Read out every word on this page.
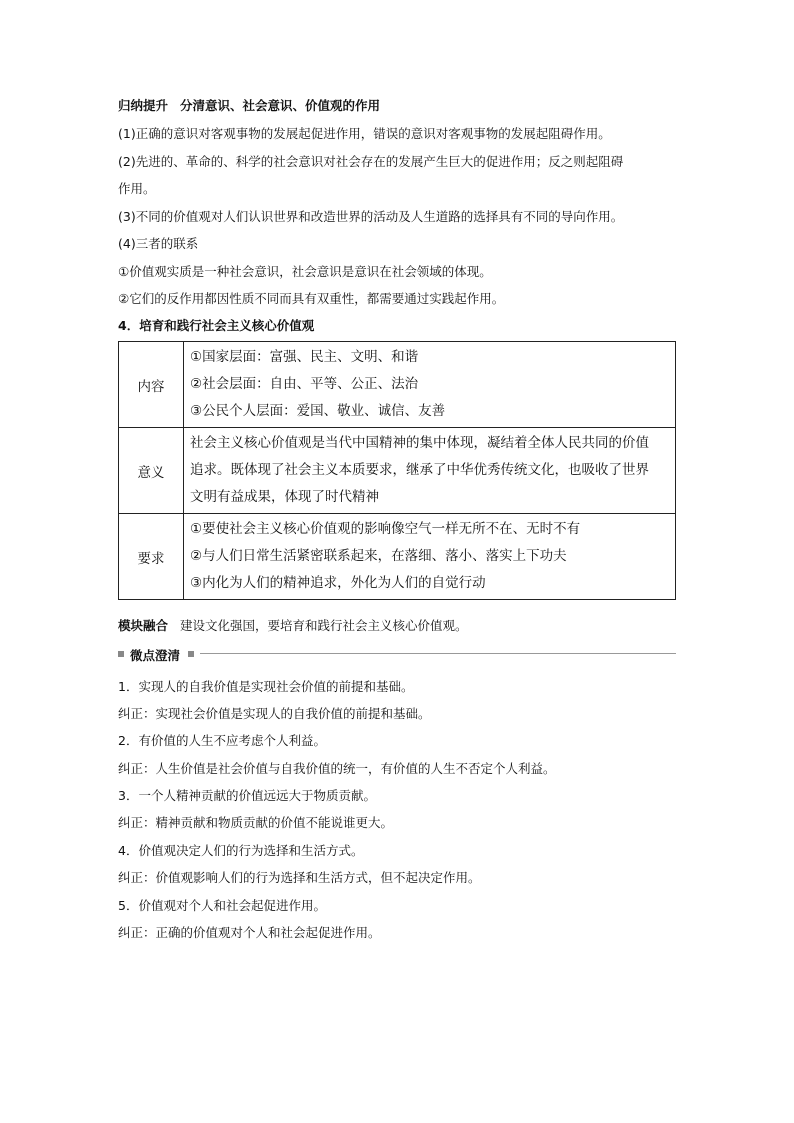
归纳提升 分清意识、社会意识、价值观的作用
(1)正确的意识对客观事物的发展起促进作用，错误的意识对客观事物的发展起阻碍作用。
(2)先进的、革命的、科学的社会意识对社会存在的发展产生巨大的促进作用；反之则起阻碍
作用。
(3)不同的价值观对人们认识世界和改造世界的活动及人生道路的选择具有不同的导向作用。
(4)三者的联系
①价值观实质是一种社会意识，社会意识是意识在社会领域的体现。
②它们的反作用都因性质不同而具有双重性，都需要通过实践起作用。
4．培育和践行社会主义核心价值观
内容	①国家层面：富强、民主、文明、和谐
②社会层面：自由、平等、公正、法治
③公民个人层面：爱国、敬业、诚信、友善

意义	社会主义核心价值观是当代中国精神的集中体现，凝结着全体人民共同的价值
追求。既体现了社会主义本质要求，继承了中华优秀传统文化，也吸收了世界
文明有益成果，体现了时代精神

要求	①要使社会主义核心价值观的影响像空气一样无所不在、无时不有
②与人们日常生活紧密联系起来，在落细、落小、落实上下功夫
③内化为人们的精神追求，外化为人们的自觉行动
模块融合 建设文化强国，要培育和践行社会主义核心价值观。
微点澄清
1．实现人的自我价值是实现社会价值的前提和基础。
纠正：实现社会价值是实现人的自我价值的前提和基础。
2．有价值的人生不应考虑个人利益。
纠正：人生价值是社会价值与自我价值的统一，有价值的人生不否定个人利益。
3．一个人精神贡献的价值远远大于物质贡献。
纠正：精神贡献和物质贡献的价值不能说谁更大。
4．价值观决定人们的行为选择和生活方式。
纠正：价值观影响人们的行为选择和生活方式，但不起决定作用。
5．价值观对个人和社会起促进作用。
纠正：正确的价值观对个人和社会起促进作用。
